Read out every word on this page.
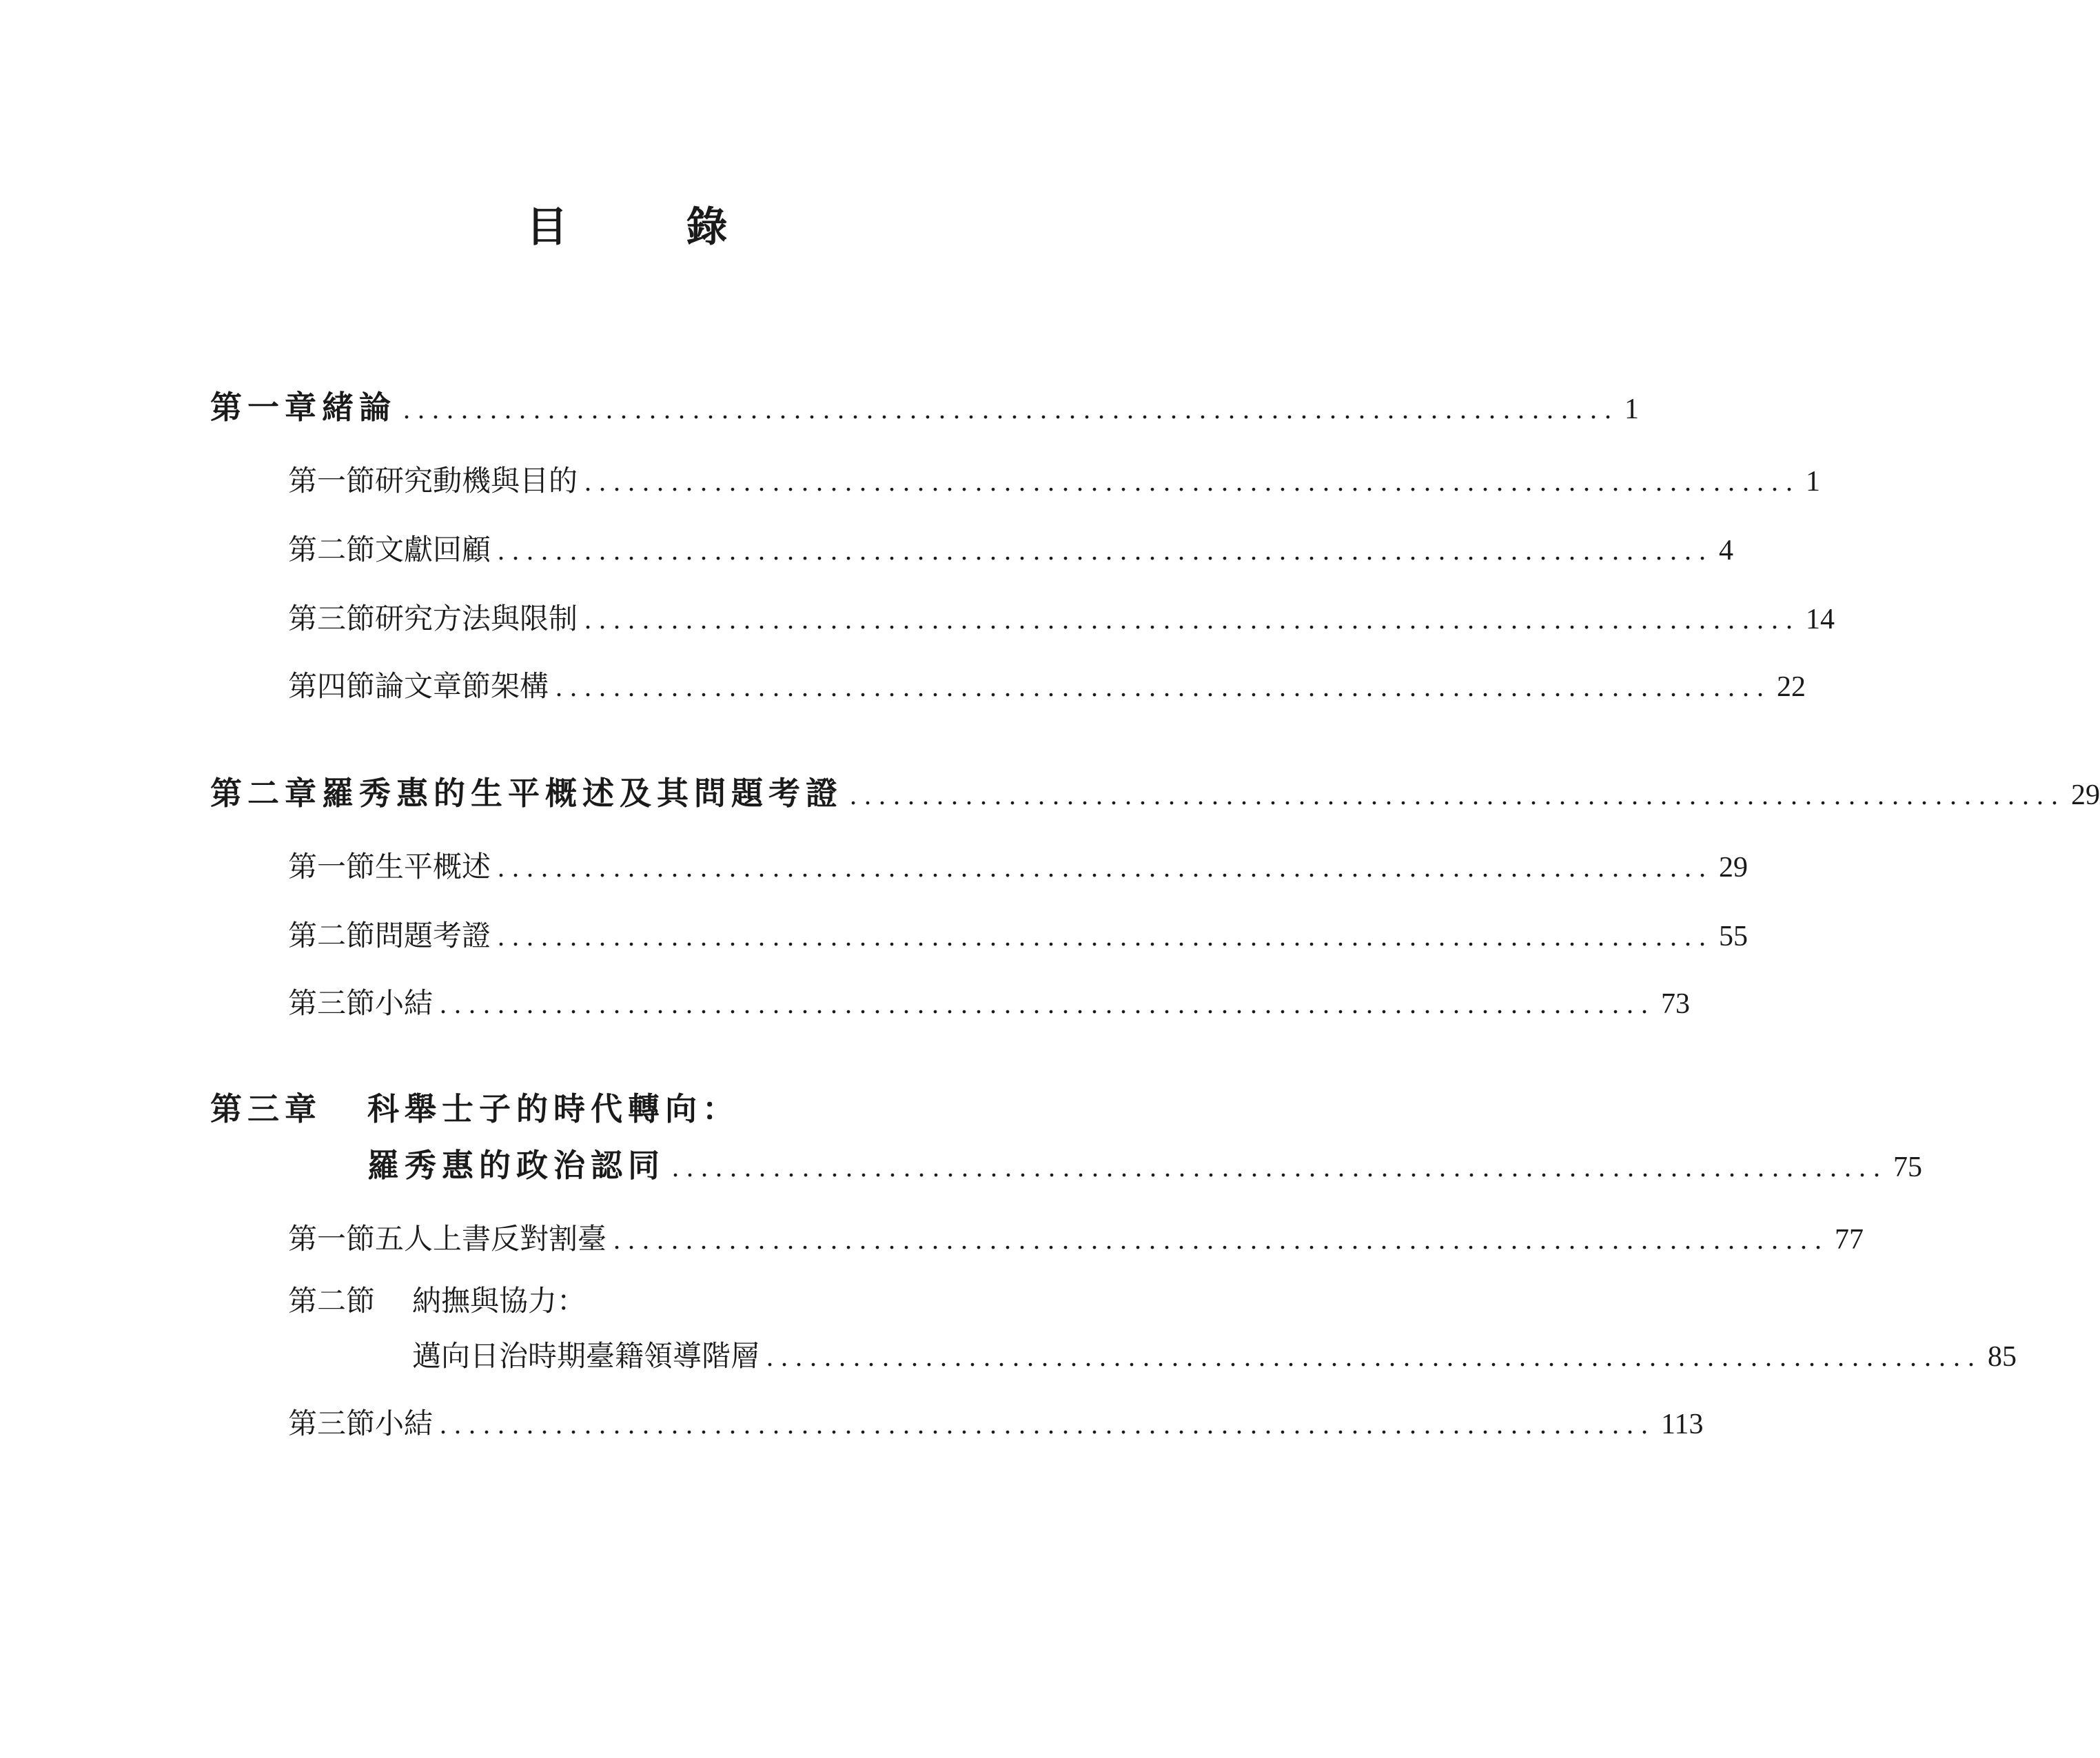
目　錄
第一章 緒論 .................................................................................... 1
第一節 研究動機與目的 .................................................................................... 1
第二節 文獻回顧 .................................................................................... 4
第三節 研究方法與限制 .................................................................................... 14
第四節 論文章節架構 .................................................................................... 22
第二章 羅秀惠的生平概述及其問題考證 .................................................................................... 29
第一節 生平概述 .................................................................................... 29
第二節 問題考證 .................................................................................... 55
第三節 小結 .................................................................................... 73
第三章 科舉士子的時代轉向：
羅秀惠的政治認同 .................................................................................... 75
第一節 五人上書反對割臺 .................................................................................... 77
第二節 納撫與協力：
邁向日治時期臺籍領導階層 .................................................................................... 85
第三節 小結 .................................................................................... 113
